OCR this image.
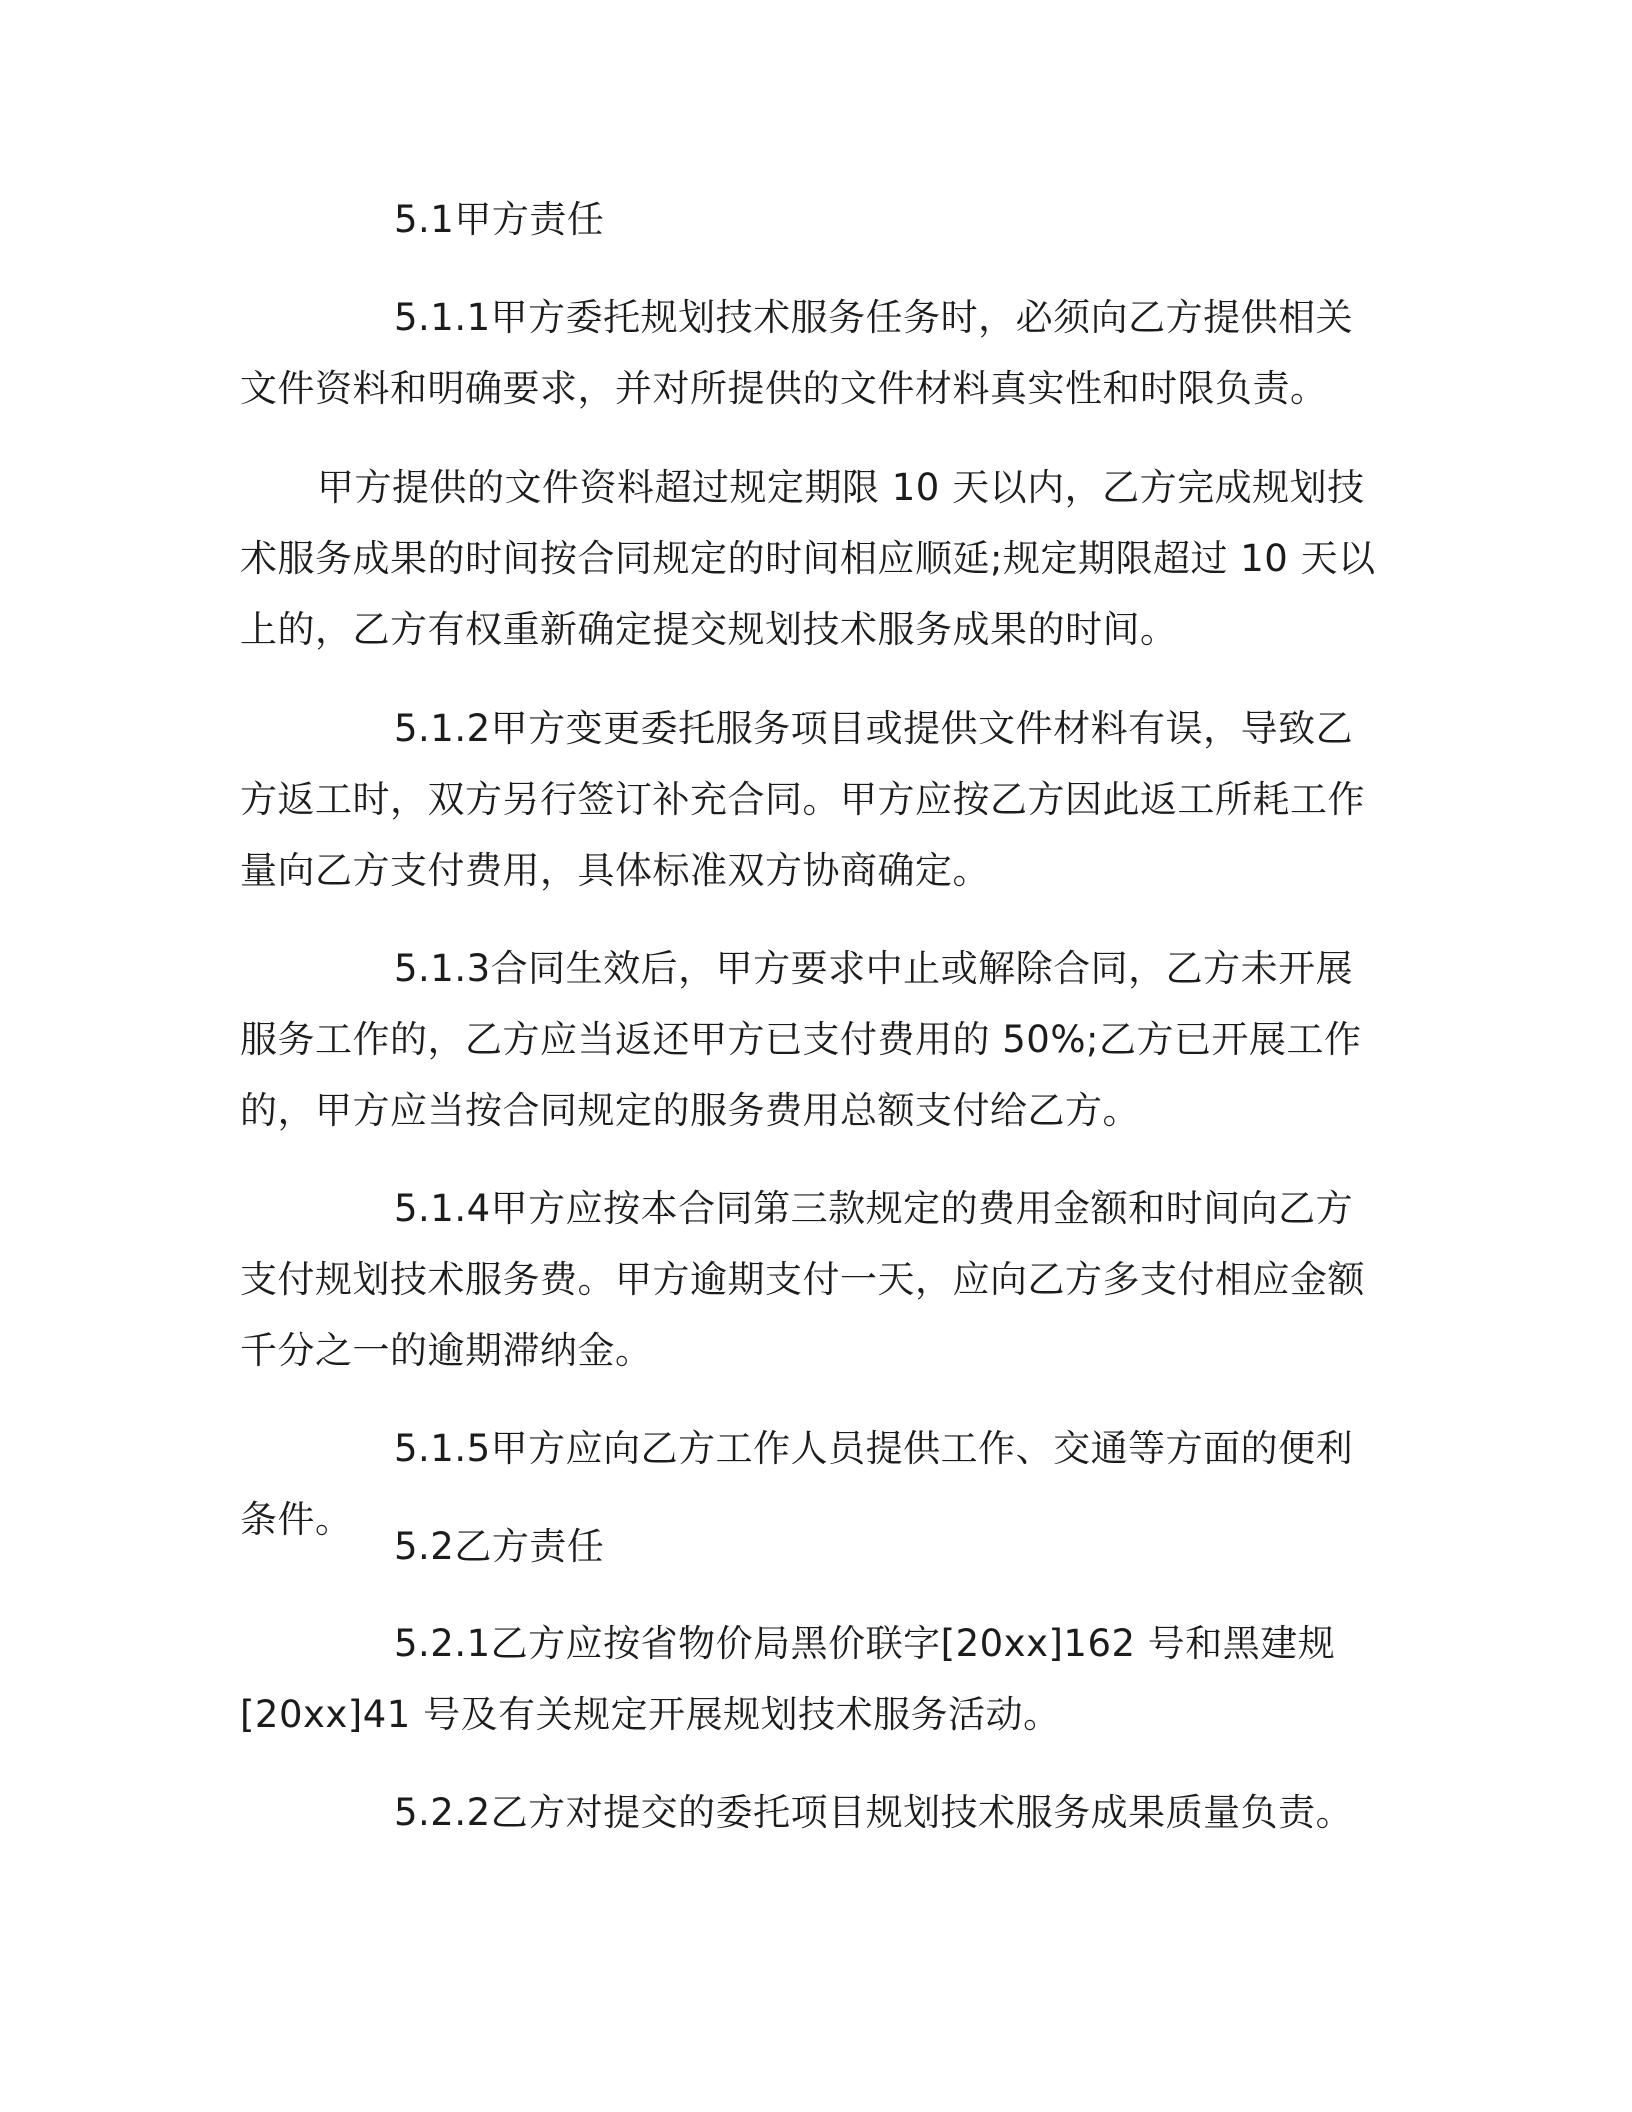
5.1甲方责任

5.1.1甲方委托规划技术服务任务时，必须向乙方提供相关文件资料和明确要求，并对所提供的文件材料真实性和时限负责。

甲方提供的文件资料超过规定期限 10 天以内，乙方完成规划技术服务成果的时间按合同规定的时间相应顺延;规定期限超过 10 天以上的，乙方有权重新确定提交规划技术服务成果的时间。

5.1.2甲方变更委托服务项目或提供文件材料有误，导致乙方返工时，双方另行签订补充合同。甲方应按乙方因此返工所耗工作量向乙方支付费用，具体标准双方协商确定。

5.1.3合同生效后，甲方要求中止或解除合同，乙方未开展服务工作的，乙方应当返还甲方已支付费用的 50%;乙方已开展工作的，甲方应当按合同规定的服务费用总额支付给乙方。

5.1.4甲方应按本合同第三款规定的费用金额和时间向乙方支付规划技术服务费。甲方逾期支付一天，应向乙方多支付相应金额千分之一的逾期滞纳金。

5.1.5甲方应向乙方工作人员提供工作、交通等方面的便利条件。

5.2乙方责任

5.2.1乙方应按省物价局黑价联字[20xx]162 号和黑建规[20xx]41 号及有关规定开展规划技术服务活动。

5.2.2乙方对提交的委托项目规划技术服务成果质量负责。
